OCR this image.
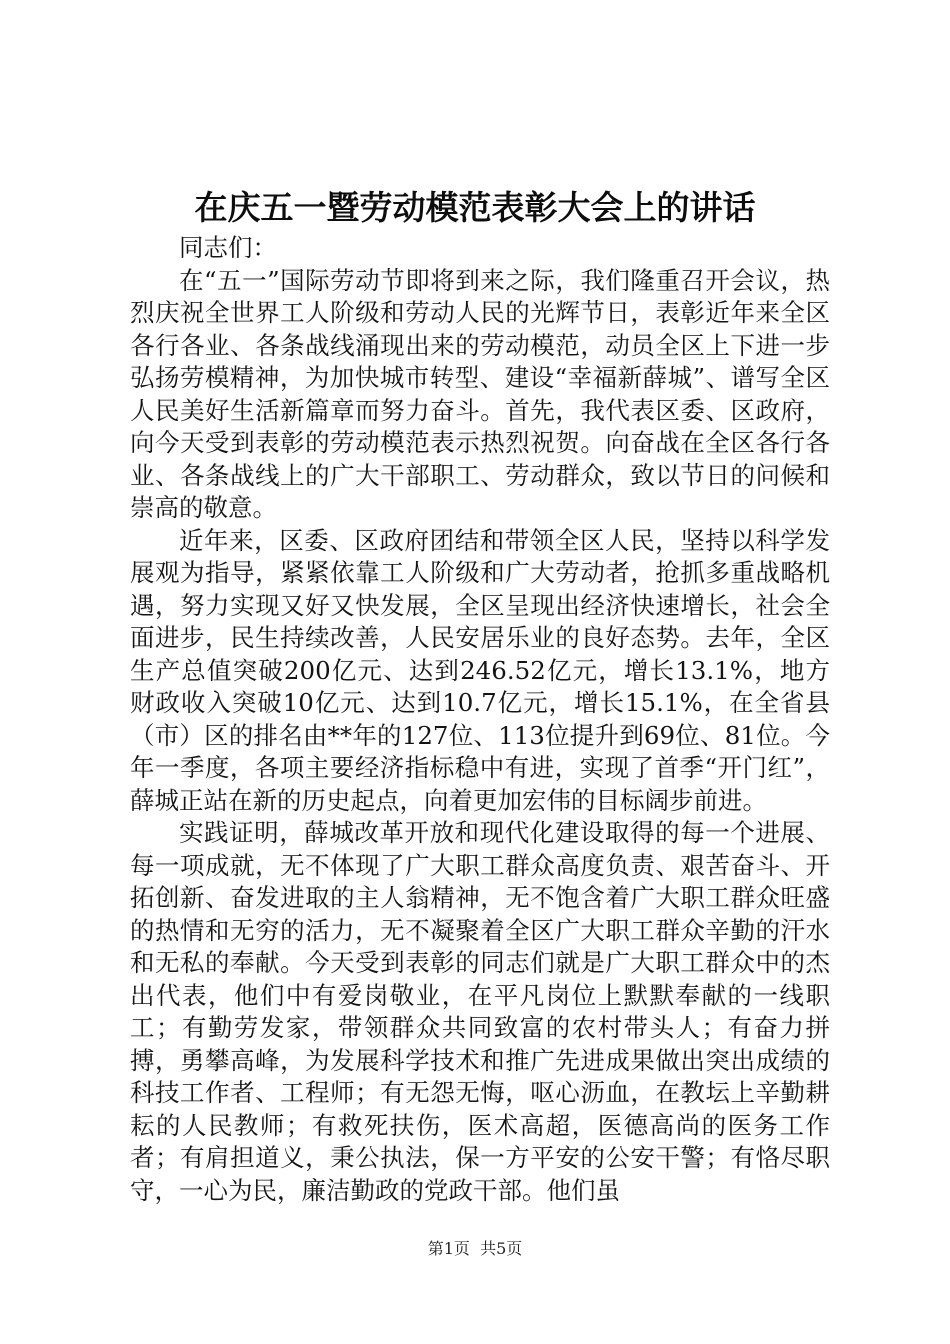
在庆五一暨劳动模范表彰大会上的讲话
同志们：

在“五一”国际劳动节即将到来之际，我们隆重召开会议，热烈庆祝全世界工人阶级和劳动人民的光辉节日，表彰近年来全区各行各业、各条战线涌现出来的劳动模范，动员全区上下进一步弘扬劳模精神，为加快城市转型、建设“幸福新薛城”、谱写全区人民美好生活新篇章而努力奋斗。首先，我代表区委、区政府，向今天受到表彰的劳动模范表示热烈祝贺。向奋战在全区各行各业、各条战线上的广大干部职工、劳动群众，致以节日的问候和崇高的敬意。

近年来，区委、区政府团结和带领全区人民，坚持以科学发展观为指导，紧紧依靠工人阶级和广大劳动者，抢抓多重战略机遇，努力实现又好又快发展，全区呈现出经济快速增长，社会全面进步，民生持续改善，人民安居乐业的良好态势。去年，全区生产总值突破200亿元、达到246.52亿元，增长13.1%，地方财政收入突破10亿元、达到10.7亿元，增长15.1%，在全省县（市）区的排名由**年的127位、113位提升到69位、81位。今年一季度，各项主要经济指标稳中有进，实现了首季“开门红”，薛城正站在新的历史起点，向着更加宏伟的目标阔步前进。

实践证明，薛城改革开放和现代化建设取得的每一个进展、每一项成就，无不体现了广大职工群众高度负责、艰苦奋斗、开拓创新、奋发进取的主人翁精神，无不饱含着广大职工群众旺盛的热情和无穷的活力，无不凝聚着全区广大职工群众辛勤的汗水和无私的奉献。今天受到表彰的同志们就是广大职工群众中的杰出代表，他们中有爱岗敬业，在平凡岗位上默默奉献的一线职工；有勤劳发家，带领群众共同致富的农村带头人；有奋力拼搏，勇攀高峰，为发展科学技术和推广先进成果做出突出成绩的科技工作者、工程师；有无怨无悔，呕心沥血，在教坛上辛勤耕耘的人民教师；有救死扶伤，医术高超，医德高尚的医务工作者；有肩担道义，秉公执法，保一方平安的公安干警；有恪尽职守，一心为民，廉洁勤政的党政干部。他们虽

第1页 共5页
